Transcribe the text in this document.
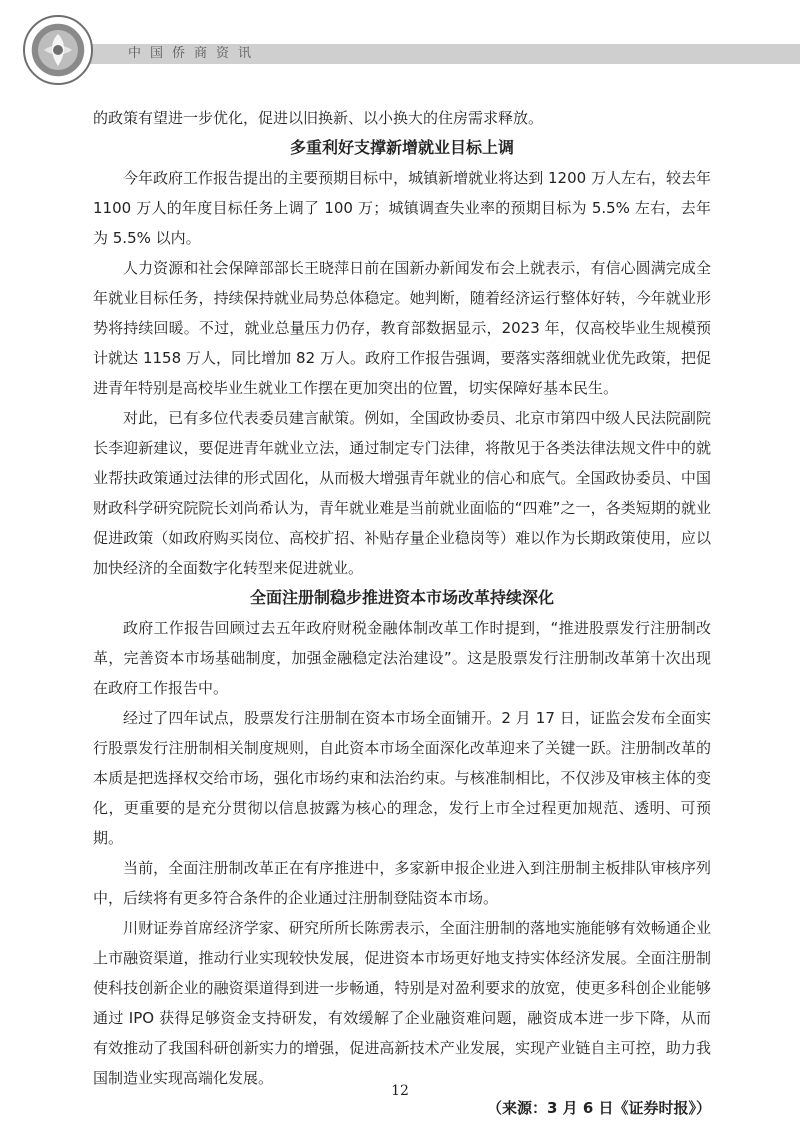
中国侨商资讯

的政策有望进一步优化，促进以旧换新、以小换大的住房需求释放。

多重利好支撑新增就业目标上调

今年政府工作报告提出的主要预期目标中，城镇新增就业将达到 1200 万人左右，较去年 1100 万人的年度目标任务上调了 100 万；城镇调查失业率的预期目标为 5.5% 左右，去年为 5.5% 以内。

人力资源和社会保障部部长王晓萍日前在国新办新闻发布会上就表示，有信心圆满完成全年就业目标任务，持续保持就业局势总体稳定。她判断，随着经济运行整体好转，今年就业形势将持续回暖。不过，就业总量压力仍存，教育部数据显示，2023 年，仅高校毕业生规模预计就达 1158 万人，同比增加 82 万人。政府工作报告强调，要落实落细就业优先政策，把促进青年特别是高校毕业生就业工作摆在更加突出的位置，切实保障好基本民生。

对此，已有多位代表委员建言献策。例如，全国政协委员、北京市第四中级人民法院副院长李迎新建议，要促进青年就业立法，通过制定专门法律，将散见于各类法律法规文件中的就业帮扶政策通过法律的形式固化，从而极大增强青年就业的信心和底气。全国政协委员、中国财政科学研究院院长刘尚希认为，青年就业难是当前就业面临的“四难”之一，各类短期的就业促进政策（如政府购买岗位、高校扩招、补贴存量企业稳岗等）难以作为长期政策使用，应以加快经济的全面数字化转型来促进就业。

全面注册制稳步推进资本市场改革持续深化

政府工作报告回顾过去五年政府财税金融体制改革工作时提到，“推进股票发行注册制改革，完善资本市场基础制度，加强金融稳定法治建设”。这是股票发行注册制改革第十次出现在政府工作报告中。

经过了四年试点，股票发行注册制在资本市场全面铺开。2 月 17 日，证监会发布全面实行股票发行注册制相关制度规则，自此资本市场全面深化改革迎来了关键一跃。注册制改革的本质是把选择权交给市场，强化市场约束和法治约束。与核准制相比，不仅涉及审核主体的变化，更重要的是充分贯彻以信息披露为核心的理念，发行上市全过程更加规范、透明、可预期。

当前，全面注册制改革正在有序推进中，多家新申报企业进入到注册制主板排队审核序列中，后续将有更多符合条件的企业通过注册制登陆资本市场。

川财证券首席经济学家、研究所所长陈雳表示，全面注册制的落地实施能够有效畅通企业上市融资渠道，推动行业实现较快发展，促进资本市场更好地支持实体经济发展。全面注册制使科技创新企业的融资渠道得到进一步畅通，特别是对盈利要求的放宽，使更多科创企业能够通过 IPO 获得足够资金支持研发，有效缓解了企业融资难问题，融资成本进一步下降，从而有效推动了我国科研创新实力的增强，促进高新技术产业发展，实现产业链自主可控，助力我国制造业实现高端化发展。

（来源：3 月 6 日《证券时报》）
12
